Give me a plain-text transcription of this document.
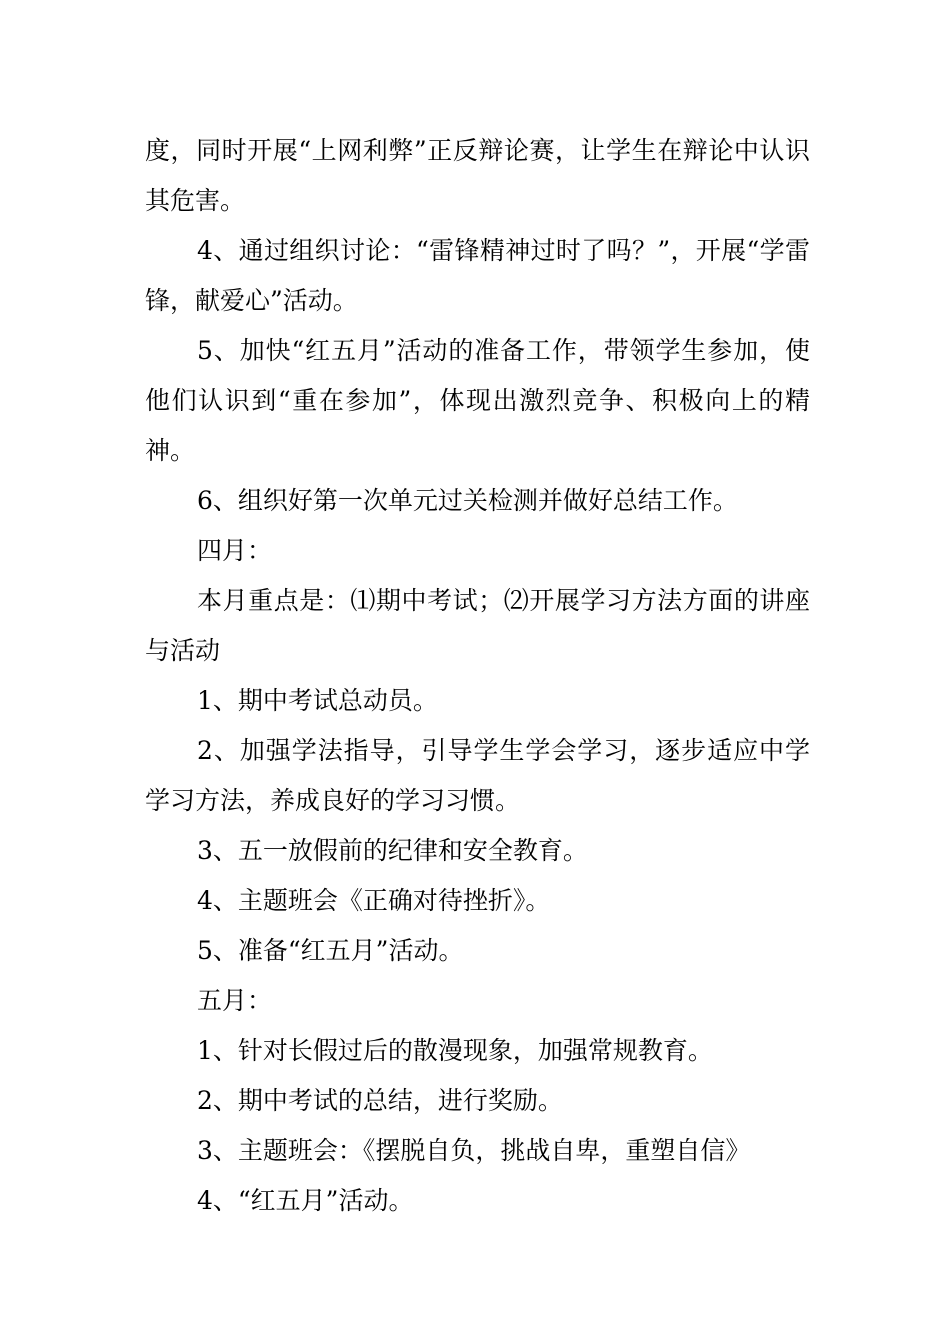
度，同时开展“上网利弊”正反辩论赛，让学生在辩论中认识其危害。

4、通过组织讨论：“雷锋精神过时了吗？”，开展“学雷锋，献爱心”活动。

5、加快“红五月”活动的准备工作，带领学生参加，使他们认识到“重在参加”，体现出激烈竞争、积极向上的精神。

6、组织好第一次单元过关检测并做好总结工作。

四月：

本月重点是：⑴期中考试；⑵开展学习方法方面的讲座与活动

1、期中考试总动员。

2、加强学法指导，引导学生学会学习，逐步适应中学学习方法，养成良好的学习习惯。

3、五一放假前的纪律和安全教育。

4、主题班会《正确对待挫折》。

5、准备“红五月”活动。

五月：

1、针对长假过后的散漫现象，加强常规教育。

2、期中考试的总结，进行奖励。

3、主题班会：《摆脱自负，挑战自卑，重塑自信》

4、“红五月”活动。
